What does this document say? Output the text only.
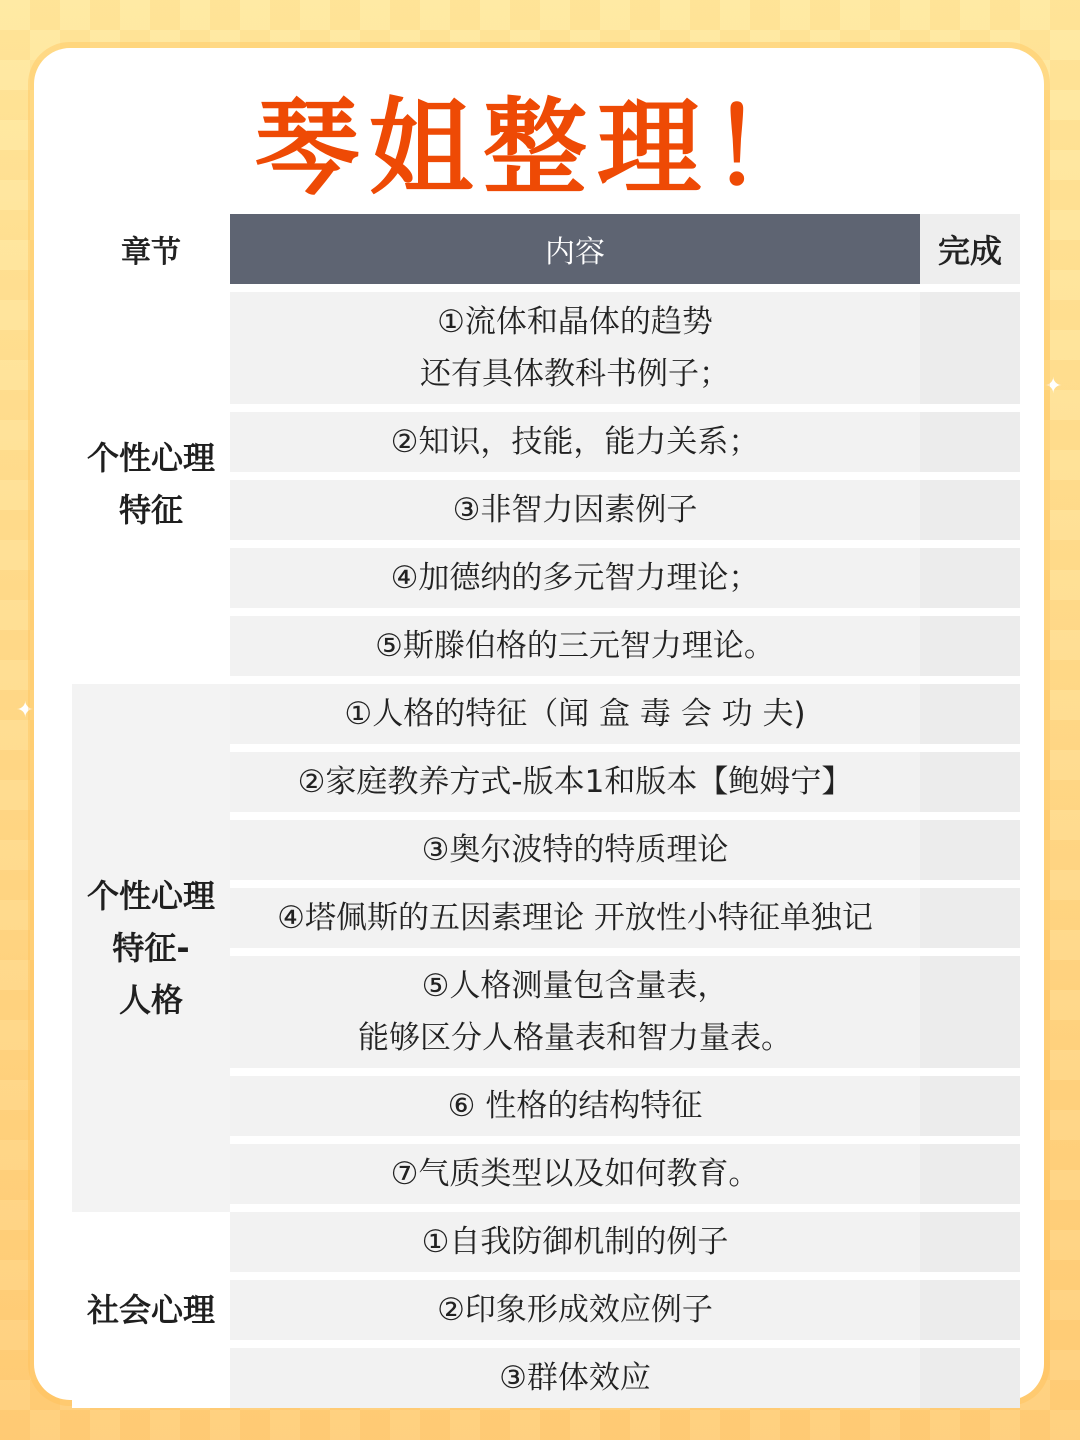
✦
✦
琴姐整理！
章节
个性心理
特征
个性心理
特征-
人格
社会心理
内容
①流体和晶体的趋势
还有具体教科书例子；
②知识，技能，能力关系；
③非智力因素例子
④加德纳的多元智力理论；
⑤斯滕伯格的三元智力理论。
①人格的特征（闻 盒 毒 会 功 夫)
②家庭教养方式-版本1和版本【鲍姆宁】
③奥尔波特的特质理论
④塔佩斯的五因素理论 开放性小特征单独记
⑤人格测量包含量表，
能够区分人格量表和智力量表。
⑥ 性格的结构特征
⑦气质类型以及如何教育。
①自我防御机制的例子
②印象形成效应例子
③群体效应
完成
